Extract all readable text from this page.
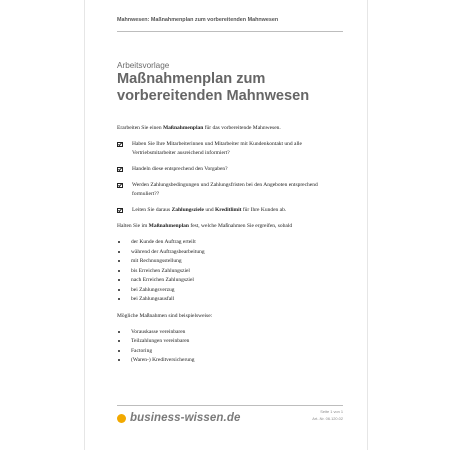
Mahnwesen: Maßnahmenplan zum vorbereitenden Mahnwesen
Arbeitsvorlage
Maßnahmenplan zum vorbereitenden Mahnwesen

Erarbeiten Sie einen Maßnahmenplan für das vorbereitende Mahnwesen.

Haben Sie Ihre Mitarbeiterinnen und Mitarbeiter mit Kundenkontakt und alle Vertriebsmitarbeiter ausreichend informiert?
Handeln diese entsprechend den Vorgaben?
Werden Zahlungsbedingungen und Zahlungsfristen bei den Angeboten entsprechend formuliert??
Leiten Sie daraus Zahlungsziele und Kreditlimit für Ihre Kunden ab.

Halten Sie im Maßnahmenplan fest, welche Maßnahmen Sie ergreifen, sobald

der Kunde den Auftrag erteilt
während der Auftragsbearbeitung
mit Rechnungsstellung
bis Erreichen Zahlungsziel
nach Erreichen Zahlungsziel
bei Zahlungsverzug
bei Zahlungsausfall

Mögliche Maßnahmen sind beispielsweise:

Vorauskasse vereinbaren
Teilzahlungen vereinbaren
Factoring
(Waren-) Kreditversicherung
business-wissen.de
Seite 1 von 1
Art.-Nr. 06.120.02
